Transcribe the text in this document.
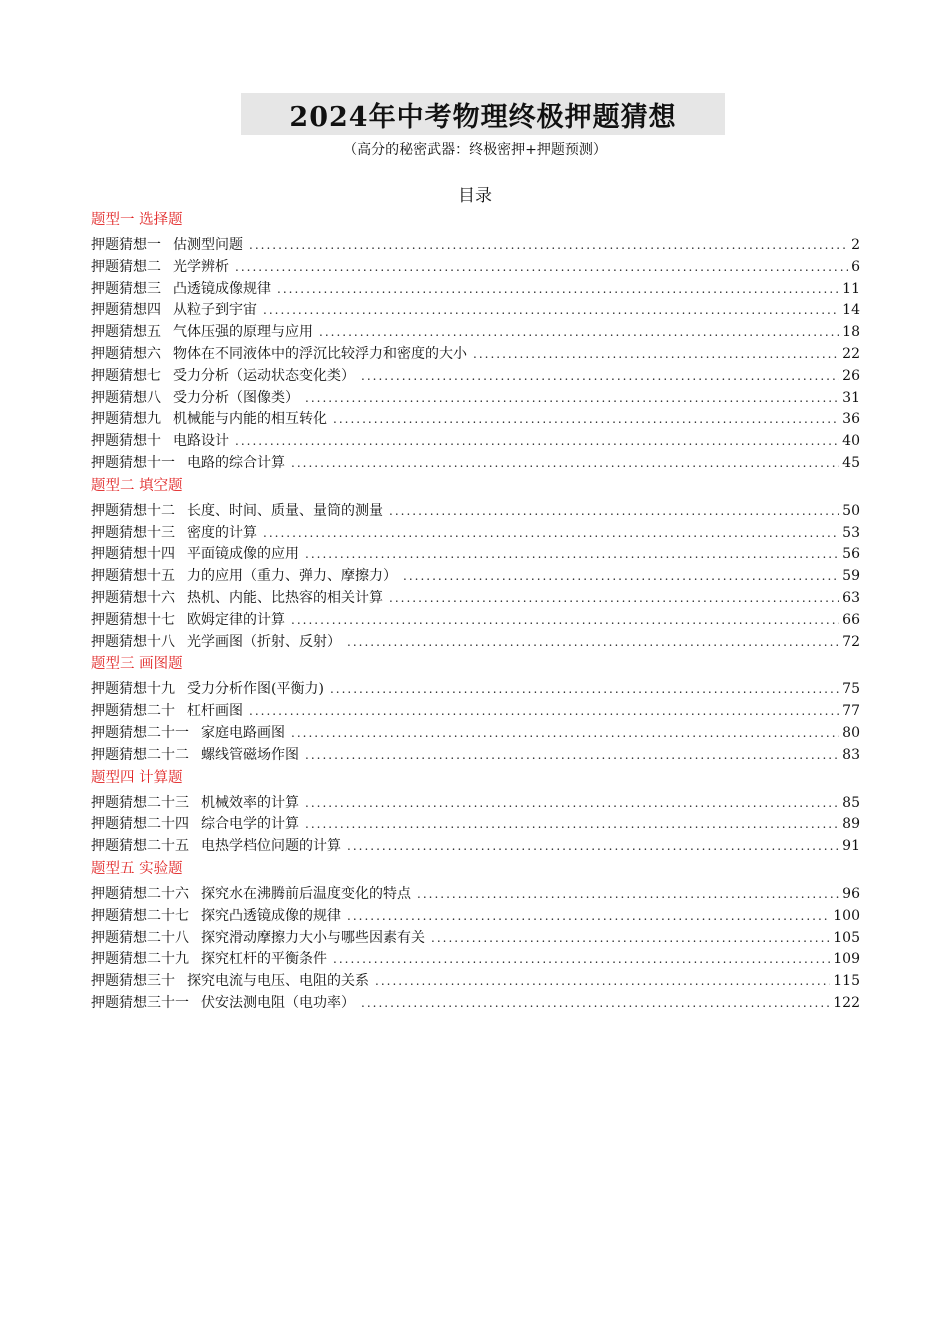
2024年中考物理终极押题猜想
（高分的秘密武器：终极密押+押题预测）
目录
题型一 选择题
押题猜想一 估测型问题 .....	2
押题猜想二 光学辨析 .....	6
押题猜想三 凸透镜成像规律 .....	11
押题猜想四 从粒子到宇宙 .....	14
押题猜想五 气体压强的原理与应用 .....	18
押题猜想六 物体在不同液体中的浮沉比较浮力和密度的大小 .....	22
押题猜想七 受力分析（运动状态变化类） .....	26
押题猜想八 受力分析（图像类） .....	31
押题猜想九 机械能与内能的相互转化 .....	36
押题猜想十 电路设计 .....	40
押题猜想十一 电路的综合计算 .....	45
题型二 填空题
押题猜想十二 长度、时间、质量、量筒的测量 .....	50
押题猜想十三 密度的计算 .....	53
押题猜想十四 平面镜成像的应用 .....	56
押题猜想十五 力的应用（重力、弹力、摩擦力） .....	59
押题猜想十六 热机、内能、比热容的相关计算 .....	63
押题猜想十七 欧姆定律的计算 .....	66
押题猜想十八 光学画图（折射、反射） .....	72
题型三 画图题
押题猜想十九 受力分析作图(平衡力) .....	75
押题猜想二十 杠杆画图 .....	77
押题猜想二十一 家庭电路画图 .....	80
押题猜想二十二 螺线管磁场作图 .....	83
题型四 计算题
押题猜想二十三 机械效率的计算 .....	85
押题猜想二十四 综合电学的计算 .....	89
押题猜想二十五 电热学档位问题的计算 .....	91
题型五 实验题
押题猜想二十六 探究水在沸腾前后温度变化的特点 .....	96
押题猜想二十七 探究凸透镜成像的规律 .....	100
押题猜想二十八 探究滑动摩擦力大小与哪些因素有关 .....	105
押题猜想二十九 探究杠杆的平衡条件 .....	109
押题猜想三十 探究电流与电压、电阻的关系 .....	115
押题猜想三十一 伏安法测电阻（电功率） .....	122
